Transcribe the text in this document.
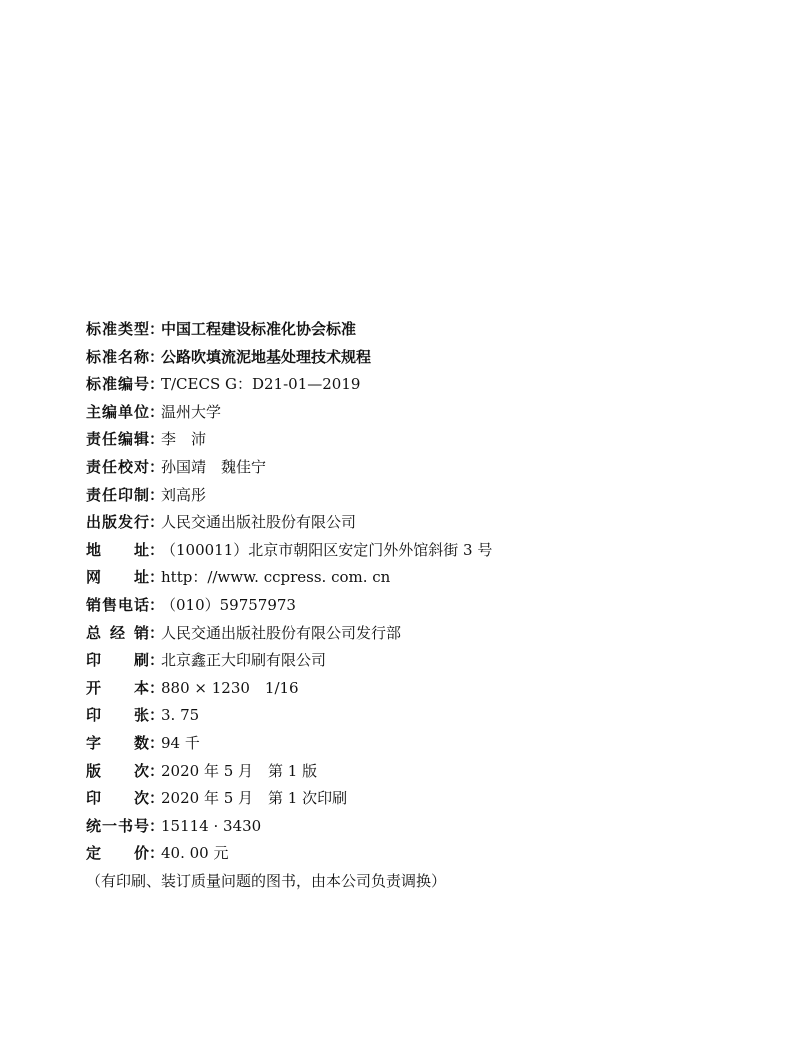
标准类型 ：
中国工程建设标准化协会标准
标准名称 ：
公路吹填流泥地基处理技术规程
标准编号 ：
T/CECS G：D21-01—2019
主编单位 ：
温州大学
责任编辑 ：
李　沛
责任校对 ：
孙国靖　魏佳宁
责任印制 ：
刘高彤
出版发行 ：
人民交通出版社股份有限公司
地址 ：
（100011）北京市朝阳区安定门外外馆斜街 3 号
网址 ：
http：//www. ccpress. com. cn
销售电话 ：
（010）59757973
总经销 ：
人民交通出版社股份有限公司发行部
印刷 ：
北京鑫正大印刷有限公司
开本 ：
880 × 1230　1/16
印张 ：
3. 75
字数 ：
94 千
版次 ：
2020 年 5 月　第 1 版
印次 ：
2020 年 5 月　第 1 次印刷
统一书号 ：
15114 · 3430
定价 ：
40. 00 元
（有印刷、装订质量问题的图书，由本公司负责调换）
